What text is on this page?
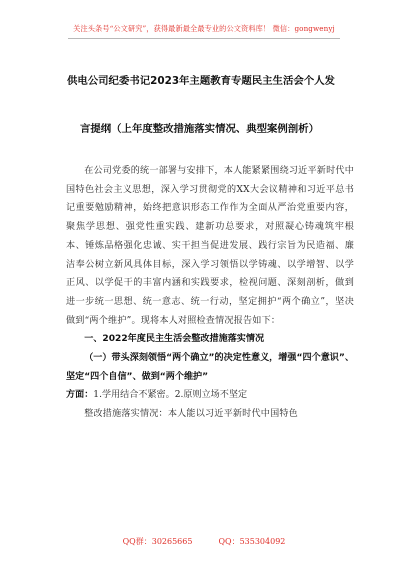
关注头条号“公文研究”，获得最新最全最专业的公文资料库！ 微信：gongwenyj
供电公司纪委书记2023年主题教育专题民主生活会个人发
言提纲（上年度整改措施落实情况、典型案例剖析）

在公司党委的统一部署与安排下，本人能紧紧围绕习近平新时代中国特色社会主义思想，深入学习贯彻党的XX大会议精神和习近平总书记重要勉励精神，始终把意识形态工作作为全面从严治党重要内容，聚焦学思想、强党性重实践、建新功总要求，对照凝心铸魂筑牢根本、锤炼品格强化忠诚、实干担当促进发展、践行宗旨为民造福、廉洁奉公树立新风具体目标，深入学习领悟以学铸魂、以学增智、以学正风、以学促干的丰富内涵和实践要求，检视问题、深刻剖析，做到进一步统一思想、统一意志、统一行动，坚定拥护“两个确立”，坚决做到“两个维护”。现将本人对照检查情况报告如下：

一、2022年度民主生活会整改措施落实情况

（一）带头深刻领悟“两个确立”的决定性意义，增强“四个意识”、坚定“四个自信”、做到“两个维护”

方面：1.学用结合不紧密。2.原则立场不坚定

整改措施落实情况：本人能以习近平新时代中国特色

QQ群：30265665	QQ：535304092
